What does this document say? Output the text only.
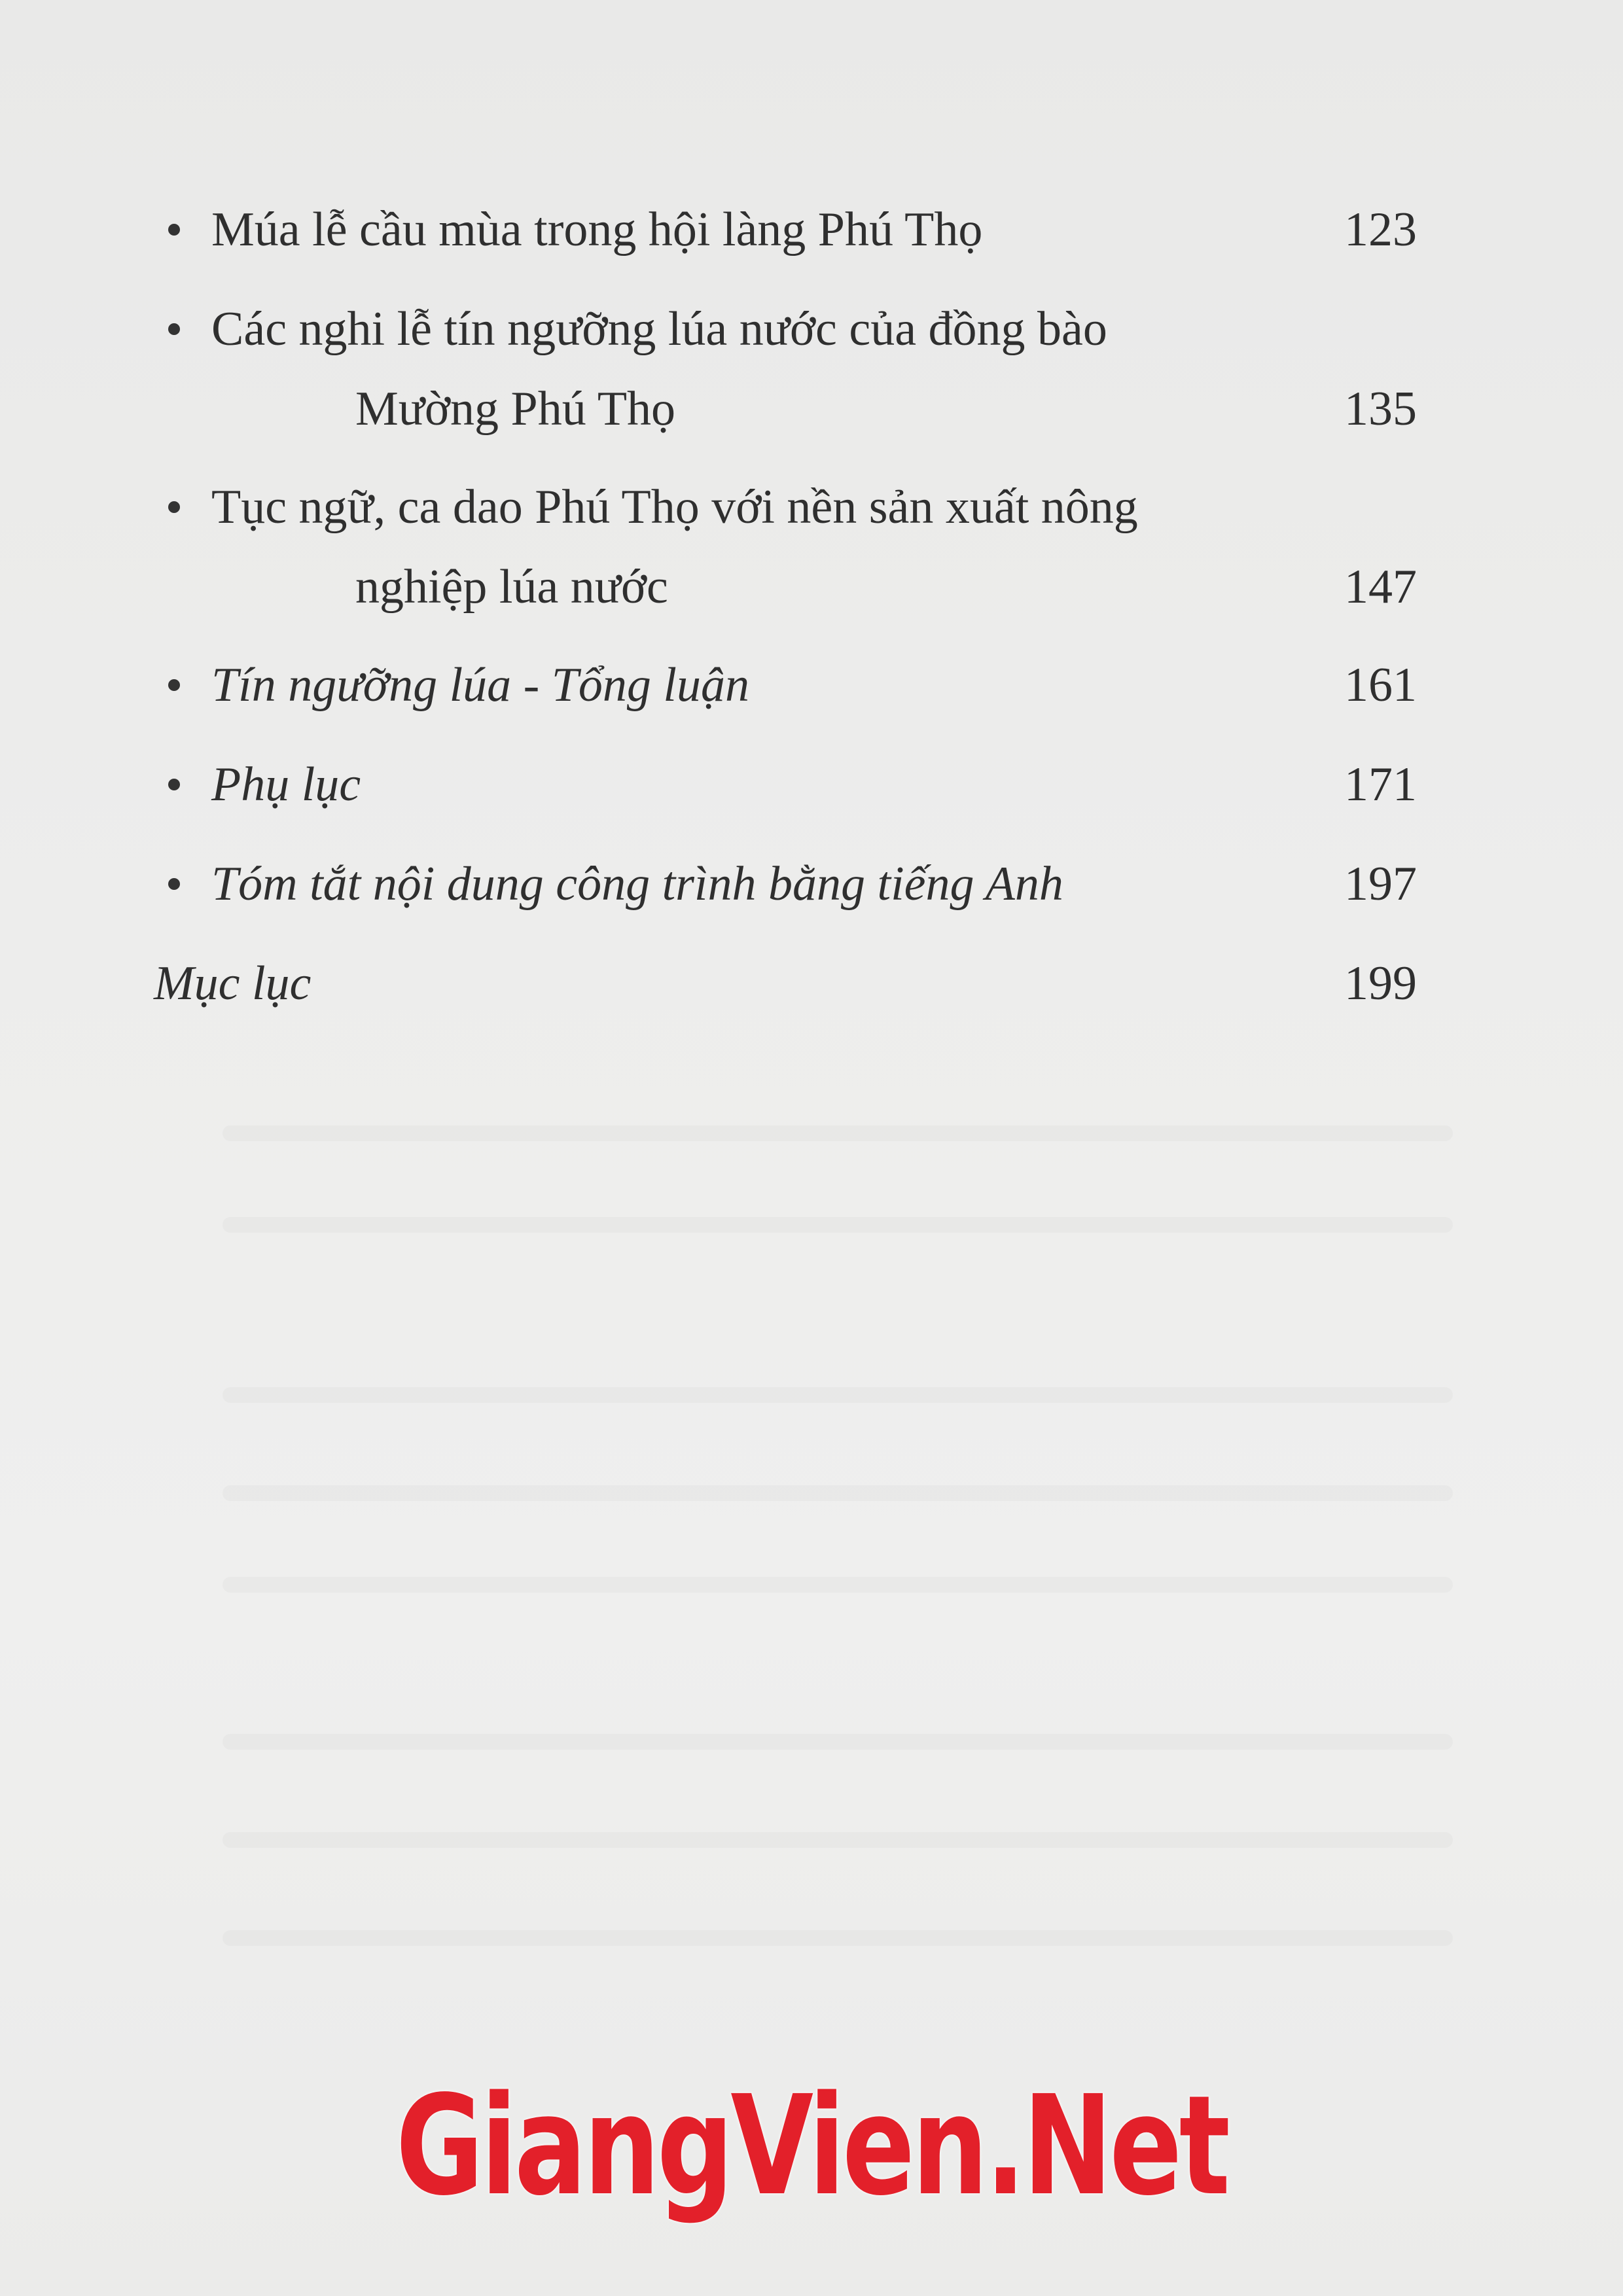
Múa lễ cầu mùa trong hội làng Phú Thọ	123
Các nghi lễ tín ngưỡng lúa nước của đồng bào
Mường Phú Thọ	135
Tục ngữ, ca dao Phú Thọ với nền sản xuất nông
nghiệp lúa nước	147
Tín ngưỡng lúa - Tổng luận	161
Phụ lục	171
Tóm tắt nội dung công trình bằng tiếng Anh	197
Mục lục	199
GiangVien.Net
